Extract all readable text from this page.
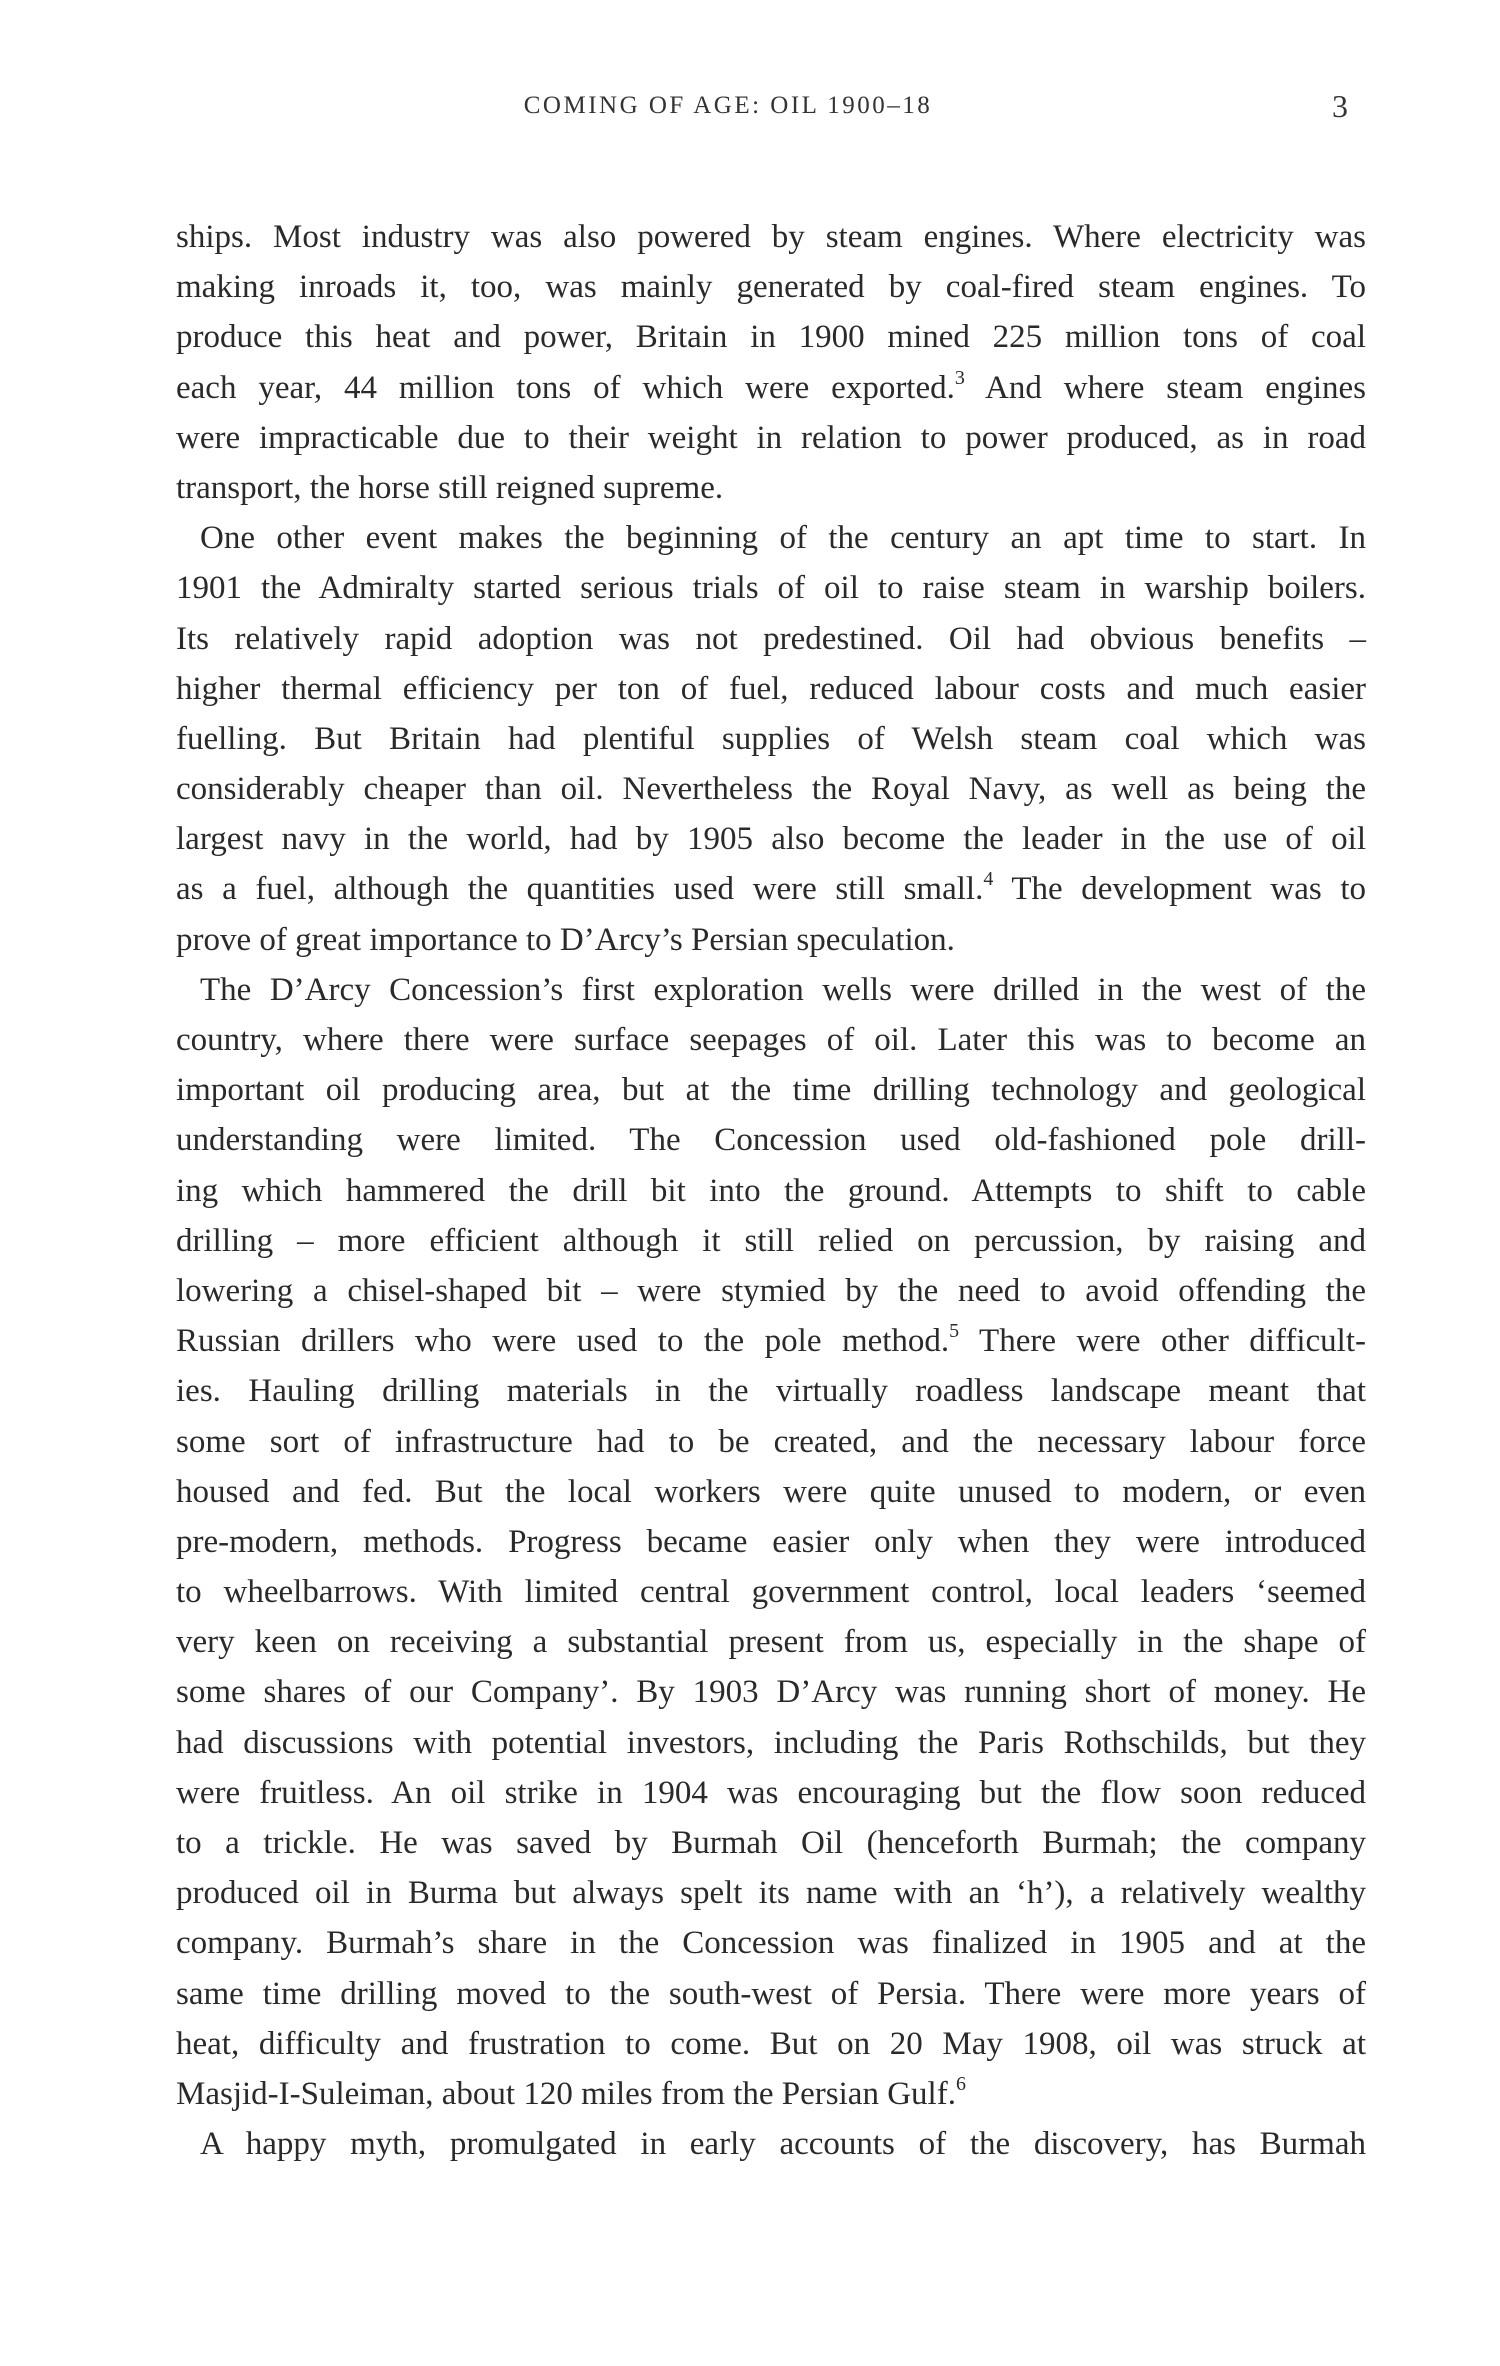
COMING OF AGE: OIL 1900–18	3
ships. Most industry was also powered by steam engines. Where electricity was
making inroads it, too, was mainly generated by coal-fired steam engines. To
produce this heat and power, Britain in 1900 mined 225 million tons of coal
each year, 44 million tons of which were exported.$^3$ And where steam engines
were impracticable due to their weight in relation to power produced, as in road
transport, the horse still reigned supreme.
One other event makes the beginning of the century an apt time to start. In
1901 the Admiralty started serious trials of oil to raise steam in warship boilers.
Its relatively rapid adoption was not predestined. Oil had obvious benefits –
higher thermal efficiency per ton of fuel, reduced labour costs and much easier
fuelling. But Britain had plentiful supplies of Welsh steam coal which was
considerably cheaper than oil. Nevertheless the Royal Navy, as well as being the
largest navy in the world, had by 1905 also become the leader in the use of oil
as a fuel, although the quantities used were still small.$^4$ The development was to
prove of great importance to D’Arcy’s Persian speculation.
The D’Arcy Concession’s first exploration wells were drilled in the west of the
country, where there were surface seepages of oil. Later this was to become an
important oil producing area, but at the time drilling technology and geological
understanding were limited. The Concession used old-fashioned pole drill-
ing which hammered the drill bit into the ground. Attempts to shift to cable
drilling – more efficient although it still relied on percussion, by raising and
lowering a chisel-shaped bit – were stymied by the need to avoid offending the
Russian drillers who were used to the pole method.$^5$ There were other difficult-
ies. Hauling drilling materials in the virtually roadless landscape meant that
some sort of infrastructure had to be created, and the necessary labour force
housed and fed. But the local workers were quite unused to modern, or even
pre-modern, methods. Progress became easier only when they were introduced
to wheelbarrows. With limited central government control, local leaders ‘seemed
very keen on receiving a substantial present from us, especially in the shape of
some shares of our Company’. By 1903 D’Arcy was running short of money. He
had discussions with potential investors, including the Paris Rothschilds, but they
were fruitless. An oil strike in 1904 was encouraging but the flow soon reduced
to a trickle. He was saved by Burmah Oil (henceforth Burmah; the company
produced oil in Burma but always spelt its name with an ‘h’), a relatively wealthy
company. Burmah’s share in the Concession was finalized in 1905 and at the
same time drilling moved to the south-west of Persia. There were more years of
heat, difficulty and frustration to come. But on 20 May 1908, oil was struck at
Masjid-I-Suleiman, about 120 miles from the Persian Gulf.$^6$
A happy myth, promulgated in early accounts of the discovery, has Burmah
